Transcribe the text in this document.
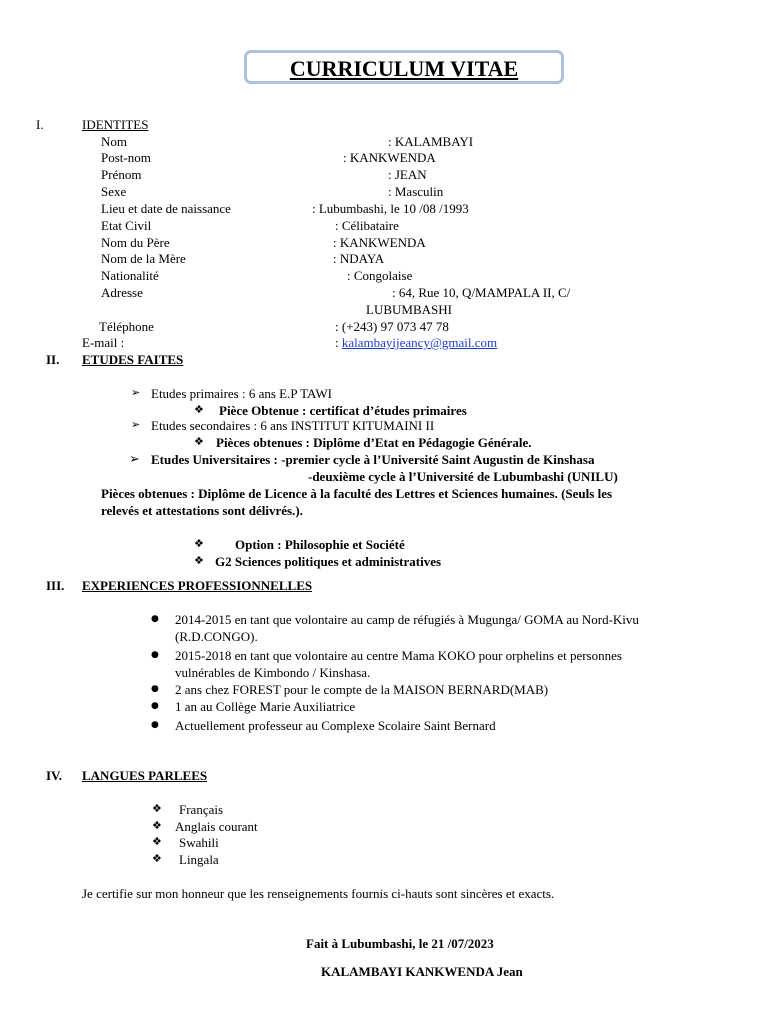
CURRICULUM VITAE
I.	IDENTITES
Nom	: KALAMBAYI
Post-nom	: KANKWENDA
Prénom	: JEAN
Sexe	: Masculin
Lieu et date de naissance	: Lubumbashi, le 10 /08 /1993
Etat Civil	: Célibataire
Nom du Père	: KANKWENDA
Nom de la Mère	: NDAYA
Nationalité	: Congolaise
Adresse	: 64, Rue 10, Q/MAMPALA II, C/
LUBUMBASHI
Téléphone	: (+243) 97 073 47 78
E-mail :	: kalambayijeancy@gmail.com
II. ETUDES FAITES
➢ Etudes primaires : 6 ans E.P TAWI
❖ Pièce Obtenue : certificat d’études primaires
➢ Etudes secondaires : 6 ans INSTITUT KITUMAINI II
❖ Pièces obtenues : Diplôme d’Etat en Pédagogie Générale.
➢ Etudes Universitaires : -premier cycle à l’Université Saint Augustin de Kinshasa
-deuxième cycle à l’Université de Lubumbashi (UNILU)
Pièces obtenues : Diplôme de Licence à la faculté des Lettres et Sciences humaines. (Seuls les
relevés et attestations sont délivrés.).
❖ Option : Philosophie et Société
❖ G2 Sciences politiques et administratives
III. EXPERIENCES PROFESSIONNELLES
● 2014-2015 en tant que volontaire au camp de réfugiés à Mugunga/ GOMA au Nord-Kivu
(R.D.CONGO).
● 2015-2018 en tant que volontaire au centre Mama KOKO pour orphelins et personnes
vulnérables de Kimbondo / Kinshasa.
● 2 ans chez FOREST pour le compte de la MAISON BERNARD(MAB)
● 1 an au Collège Marie Auxiliatrice
● Actuellement professeur au Complexe Scolaire Saint Bernard
IV. LANGUES PARLEES
❖ Français
❖ Anglais courant
❖ Swahili
❖ Lingala
Je certifie sur mon honneur que les renseignements fournis ci-hauts sont sincères et exacts.
Fait à Lubumbashi, le 21 /07/2023
KALAMBAYI KANKWENDA Jean
